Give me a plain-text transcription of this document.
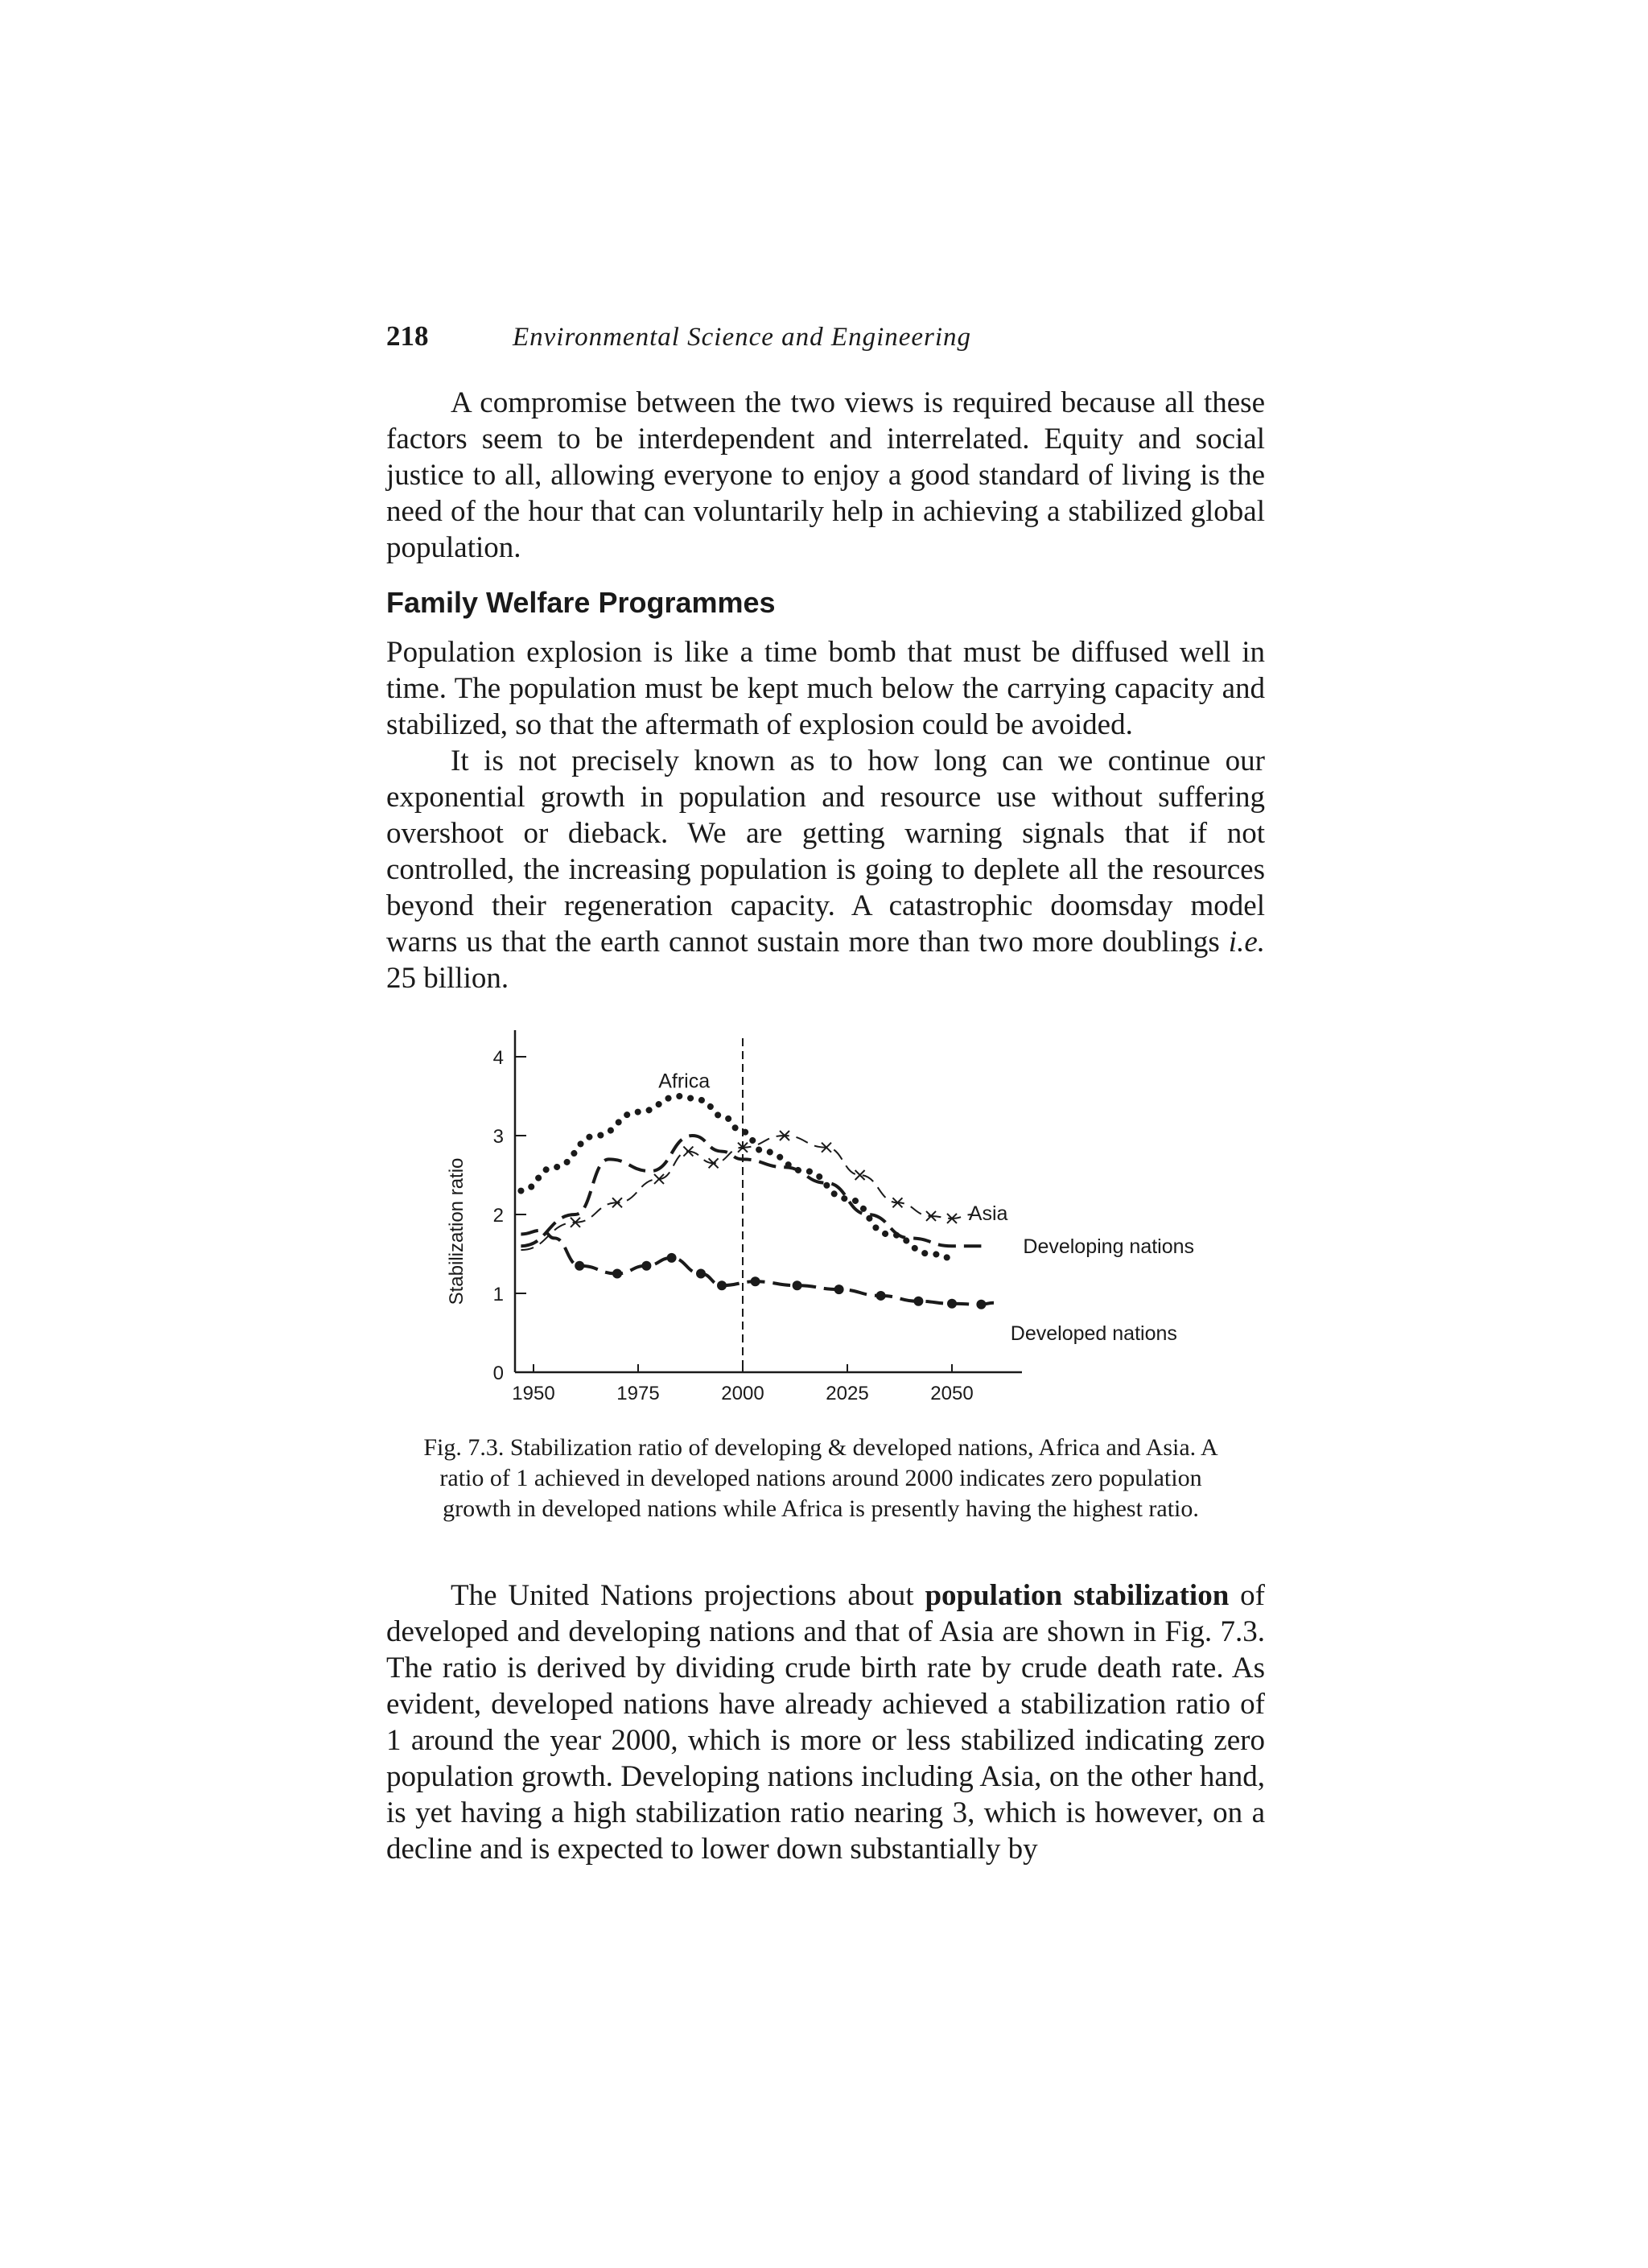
218	Environmental Science and Engineering

A compromise between the two views is required because all these factors seem to be interdependent and interrelated. Equity and social justice to all, allowing everyone to enjoy a good standard of living is the need of the hour that can voluntarily help in achieving a stabilized global population.

Family Welfare Programmes

Population explosion is like a time bomb that must be diffused well in time. The population must be kept much below the carrying capacity and stabilized, so that the aftermath of explosion could be avoided.

It is not precisely known as to how long can we continue our exponential growth in population and resource use without suffering overshoot or dieback. We are getting warning signals that if not controlled, the increasing population is going to deplete all the resources beyond their regeneration capacity. A catastrophic doomsday model warns us that the earth cannot sustain more than two more doublings i.e. 25 billion.

0
1
2
3
4
1950	1975	2000	2025	2050
Stabilization ratio
Africa
Asia
Developing nations
Developed nations

Fig. 7.3. Stabilization ratio of developing & developed nations, Africa and Asia. A ratio of 1 achieved in developed nations around 2000 indicates zero population growth in developed nations while Africa is presently having the highest ratio.

The United Nations projections about population stabilization of developed and developing nations and that of Asia are shown in Fig. 7.3. The ratio is derived by dividing crude birth rate by crude death rate. As evident, developed nations have already achieved a stabilization ratio of 1 around the year 2000, which is more or less stabilized indicating zero population growth. Developing nations including Asia, on the other hand, is yet having a high stabilization ratio nearing 3, which is however, on a decline and is expected to lower down substantially by
